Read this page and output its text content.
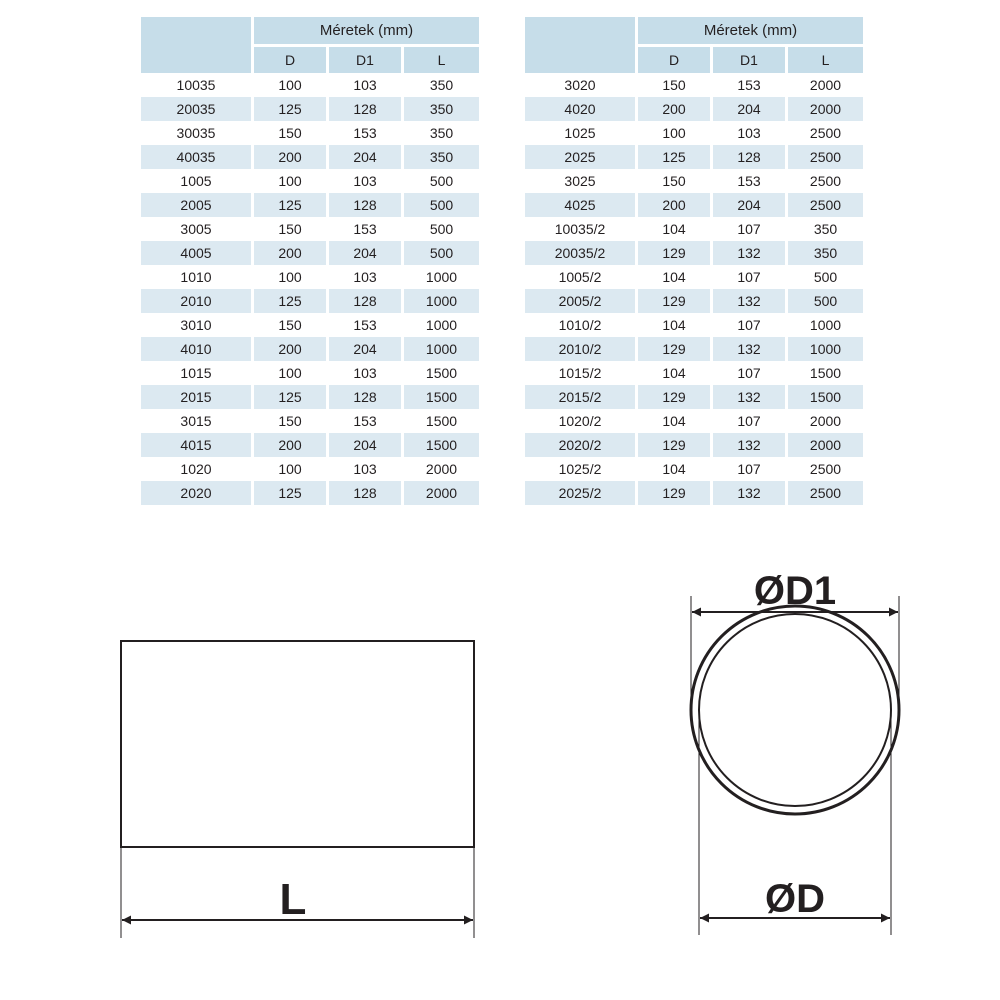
	Méretek (mm)		
	D	D1	L
10035	100	103	350
20035	125	128	350
30035	150	153	350
40035	200	204	350
1005	100	103	500
2005	125	128	500
3005	150	153	500
4005	200	204	500
1010	100	103	1000
2010	125	128	1000
3010	150	153	1000
4010	200	204	1000
1015	100	103	1500
2015	125	128	1500
3015	150	153	1500
4015	200	204	1500
1020	100	103	2000
2020	125	128	2000
	Méretek (mm)		
	D	D1	L
3020	150	153	2000
4020	200	204	2000
1025	100	103	2500
2025	125	128	2500
3025	150	153	2500
4025	200	204	2500
10035/2	104	107	350
20035/2	129	132	350
1005/2	104	107	500
2005/2	129	132	500
1010/2	104	107	1000
2010/2	129	132	1000
1015/2	104	107	1500
2015/2	129	132	1500
1020/2	104	107	2000
2020/2	129	132	2000
1025/2	104	107	2500
2025/2	129	132	2500
L
ØD1
ØD
